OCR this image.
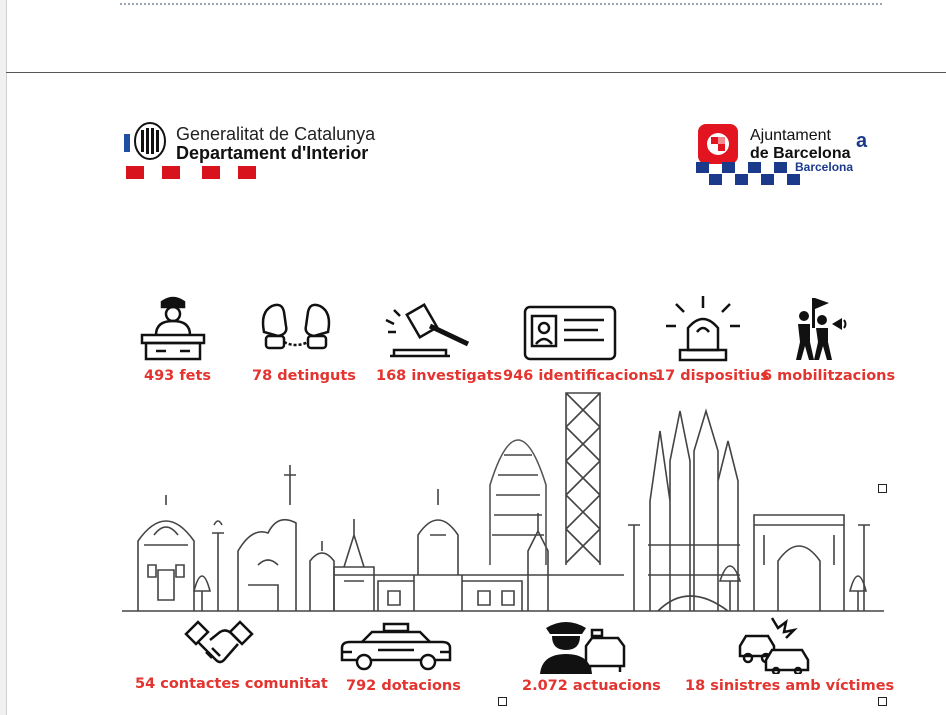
Generalitat de Catalunya
Departament d'Interior
Ajuntament
de Barcelona
a
Barcelona
493 fets	78 detinguts 168 investigats 946 identificacions
17 dispositius
6 mobilitzacions
54 contactes comunitat 792 dotacions	2.072 actuacions 18 sinistres amb víctimes
